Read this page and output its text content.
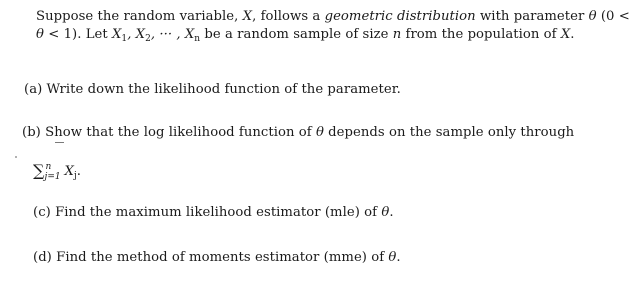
Suppose the random variable, X, follows a geometric distribution with parameter θ (0 <
θ < 1). Let $X_1$, $X_2$, ··· , $X_n$ be a random sample of size n from the population of X.
(a) Write down the likelihood function of the parameter.
(b) Show that the log likelihood function of θ depends on the sample only through
∑ n
j=1 $X_j$.
(c) Find the maximum likelihood estimator (mle) of θ.
(d) Find the method of moments estimator (mme) of θ.
